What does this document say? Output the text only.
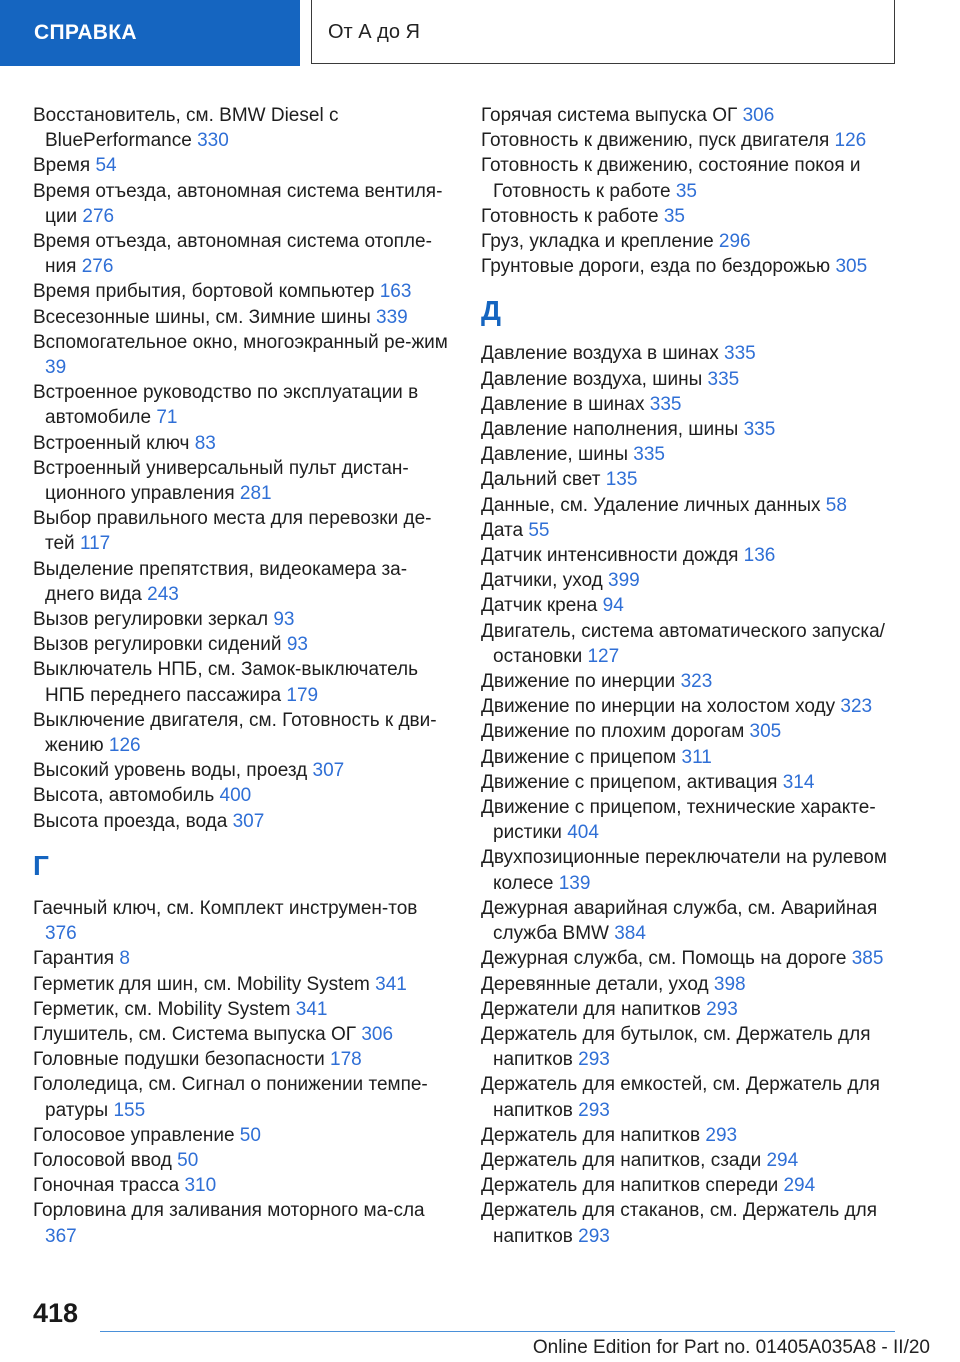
СПРАВКА	От А до Я

Восстановитель, см. BMW Diesel с BluePerformance 330

Время 54

Время отъезда, автономная система вентиля-ции 276

Время отъезда, автономная система отопле-ния 276

Время прибытия, бортовой компьютер 163

Всесезонные шины, см. Зимние шины 339

Вспомогательное окно, многоэкранный ре-жим 39

Встроенное руководство по эксплуатации в автомобиле 71

Встроенный ключ 83

Встроенный универсальный пульт дистан-ционного управления 281

Выбор правильного места для перевозки де-тей 117

Выделение препятствия, видеокамера за-днего вида 243

Вызов регулировки зеркал 93

Вызов регулировки сидений 93

Выключатель НПБ, см. Замок-выключатель НПБ переднего пассажира 179

Выключение двигателя, см. Готовность к дви-жению 126

Высокий уровень воды, проезд 307

Высота, автомобиль 400

Высота проезда, вода 307

Г

Гаечный ключ, см. Комплект инструмен-тов 376

Гарантия 8

Герметик для шин, см. Mobility System 341

Герметик, см. Mobility System 341

Глушитель, см. Система выпуска ОГ 306

Головные подушки безопасности 178

Гололедица, см. Сигнал о понижении темпе-ратуры 155

Голосовое управление 50

Голосовой ввод 50

Гоночная трасса 310

Горловина для заливания моторного ма-сла 367

Горячая система выпуска ОГ 306

Готовность к движению, пуск двигателя 126

Готовность к движению, состояние покоя и Готовность к работе 35

Готовность к работе 35

Груз, укладка и крепление 296

Грунтовые дороги, езда по бездорожью 305

Д

Давление воздуха в шинах 335

Давление воздуха, шины 335

Давление в шинах 335

Давление наполнения, шины 335

Давление, шины 335

Дальний свет 135

Данные, см. Удаление личных данных 58

Дата 55

Датчик интенсивности дождя 136

Датчики, уход 399

Датчик крена 94

Двигатель, система автоматического запуска/ остановки 127

Движение по инерции 323

Движение по инерции на холостом ходу 323

Движение по плохим дорогам 305

Движение с прицепом 311

Движение с прицепом, активация 314

Движение с прицепом, технические характе-ристики 404

Двухпозиционные переключатели на рулевом колесе 139

Дежурная аварийная служба, см. Аварийная служба BMW 384

Дежурная служба, см. Помощь на дороге 385

Деревянные детали, уход 398

Держатели для напитков 293

Держатель для бутылок, см. Держатель для напитков 293

Держатель для емкостей, см. Держатель для напитков 293

Держатель для напитков 293

Держатель для напитков, сзади 294

Держатель для напитков спереди 294

Держатель для стаканов, см. Держатель для напитков 293

418
Online Edition for Part no. 01405A035A8 - II/20
